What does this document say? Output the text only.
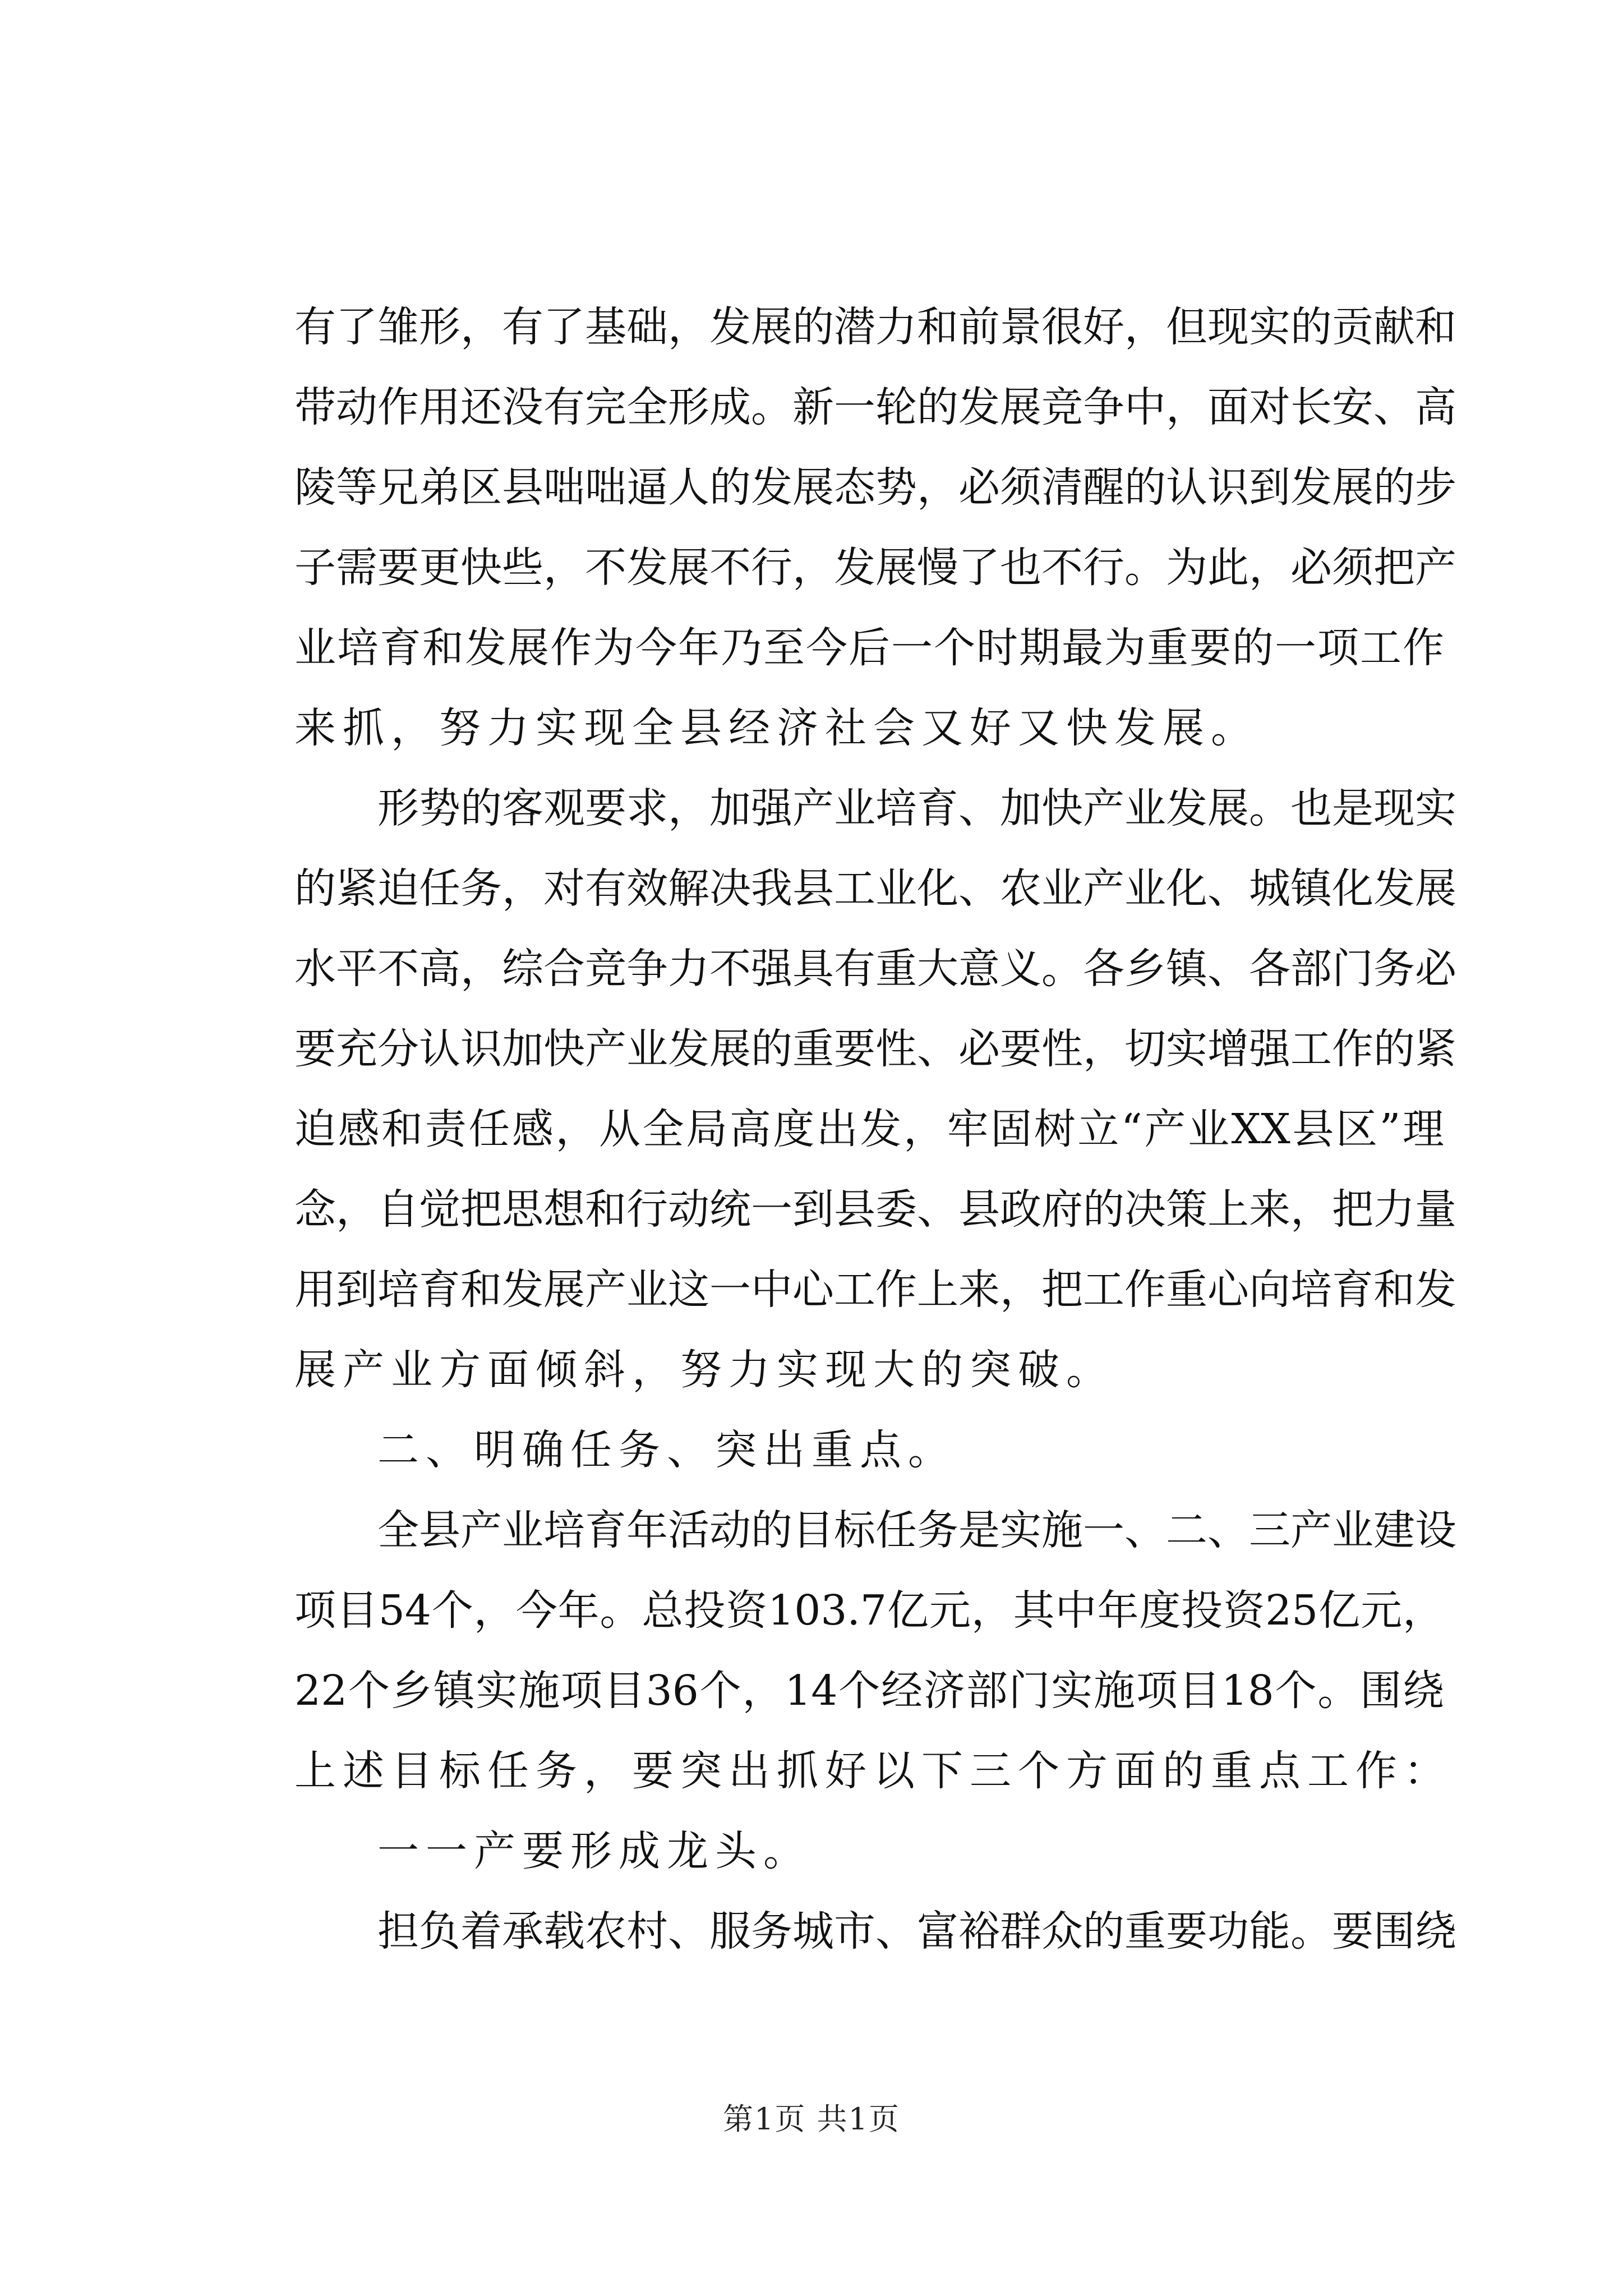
有了雏形，有了基础，发展的潜力和前景很好，但现实的贡献和
带动作用还没有完全形成。新一轮的发展竞争中，面对长安、高
陵等兄弟区县咄咄逼人的发展态势，必须清醒的认识到发展的步
子需要更快些，不发展不行，发展慢了也不行。为此，必须把产
业培育和发展作为今年乃至今后一个时期最为重要的一项工作
来抓，努力实现全县经济社会又好又快发展。
形势的客观要求，加强产业培育、加快产业发展。也是现实
的紧迫任务，对有效解决我县工业化、农业产业化、城镇化发展
水平不高，综合竞争力不强具有重大意义。各乡镇、各部门务必
要充分认识加快产业发展的重要性、必要性，切实增强工作的紧
迫感和责任感，从全局高度出发，牢固树立“产业XX县区”理
念，自觉把思想和行动统一到县委、县政府的决策上来，把力量
用到培育和发展产业这一中心工作上来，把工作重心向培育和发
展产业方面倾斜，努力实现大的突破。
二、明确任务、突出重点。
全县产业培育年活动的目标任务是实施一、二、三产业建设
项目54个，今年。总投资103.7亿元，其中年度投资25亿元，
22个乡镇实施项目36个，14个经济部门实施项目18个。围绕
上述目标任务，要突出抓好以下三个方面的重点工作：
一一产要形成龙头。
担负着承载农村、服务城市、富裕群众的重要功能。要围绕
第1页 共1页
